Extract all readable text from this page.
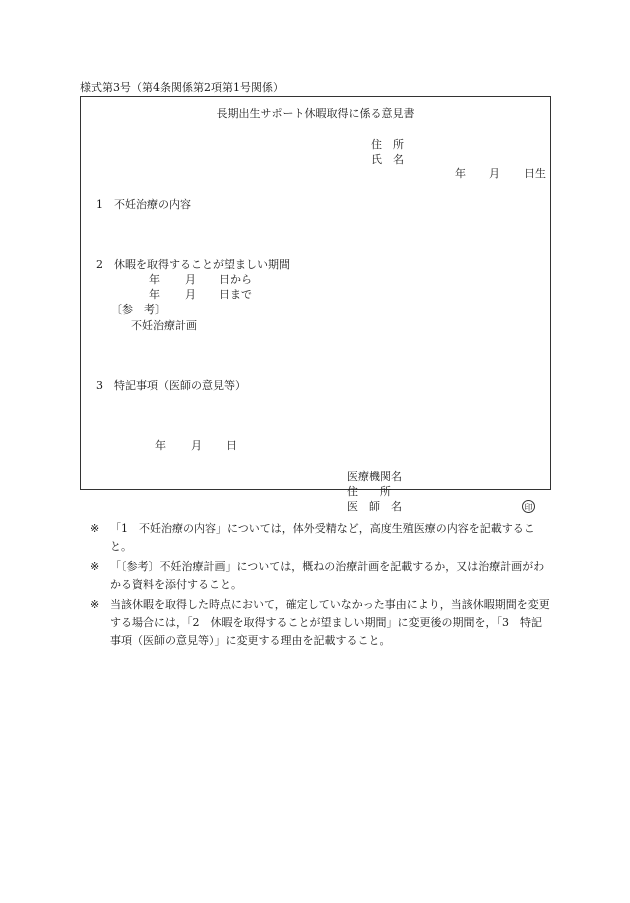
様式第3号（第4条関係第2項第1号関係）
長期出生サポート休暇取得に係る意見書
住　所
氏　名
年 月 日生
1　不妊治療の内容
2　休暇を取得することが望ましい期間
年 月 日から
年 月 日まで
〔参　考〕
不妊治療計画
3　特記事項（医師の意見等）
年 月 日
医療機関名
住　　所
医　師　名	印
※ 「1　不妊治療の内容」については，体外受精など，高度生殖医療の内容を記載すること。
※ 「〔参考〕不妊治療計画」については，概ねの治療計画を記載するか，又は治療計画がわかる資料を添付すること。
※ 当該休暇を取得した時点において，確定していなかった事由により，当該休暇期間を変更する場合には，「2　休暇を取得することが望ましい期間」に変更後の期間を，「3　特記事項（医師の意見等）」に変更する理由を記載すること。
